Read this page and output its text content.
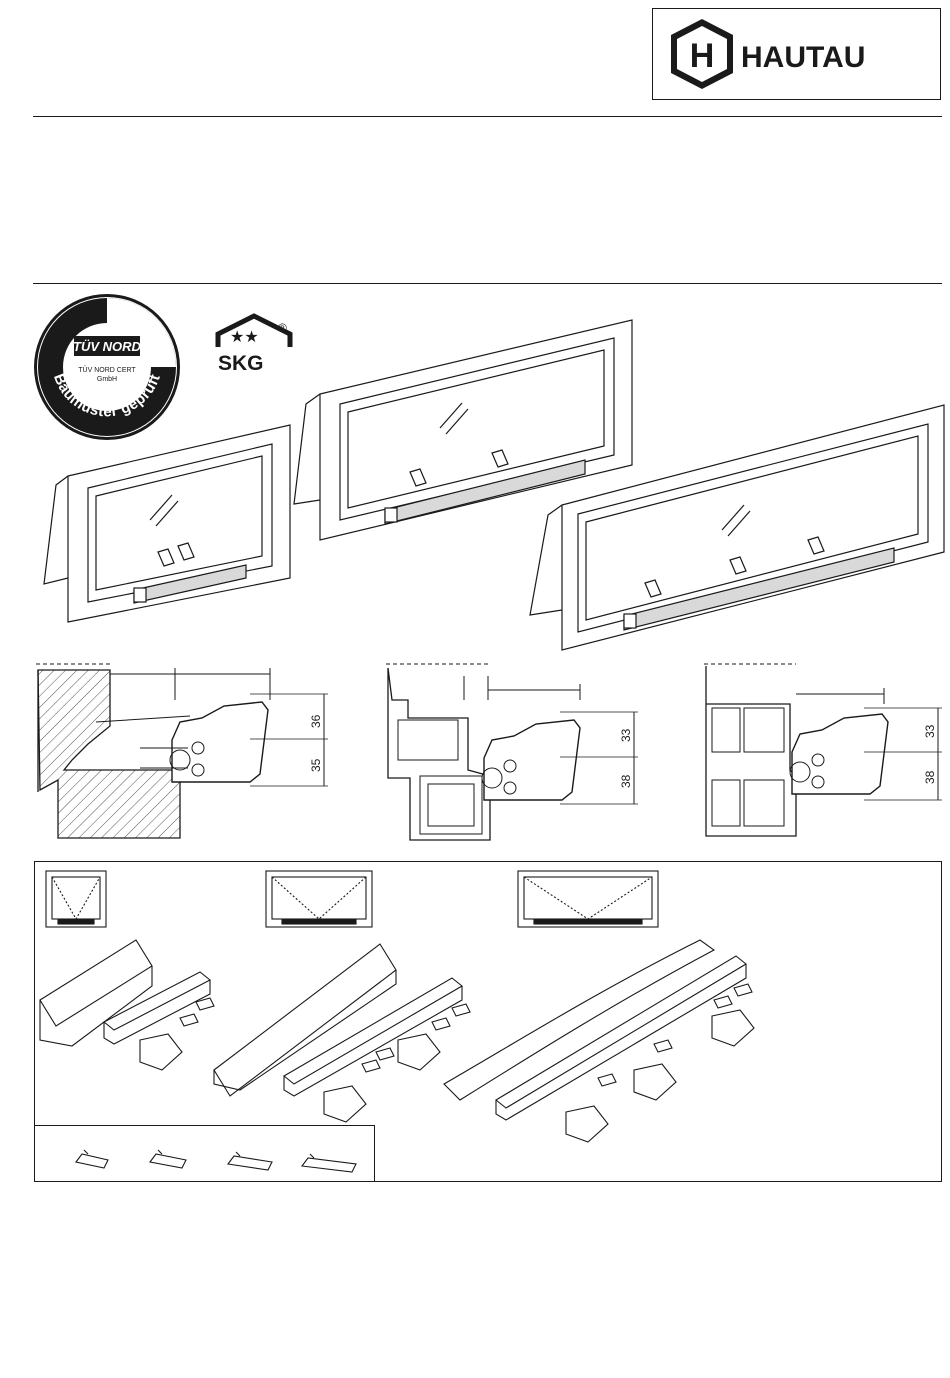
H HAUTAU
Baumuster geprüft
TÜV NORD
TÜV NORD CERT
GmbH
★★
®
SKG
36
35
33
38
33
38
